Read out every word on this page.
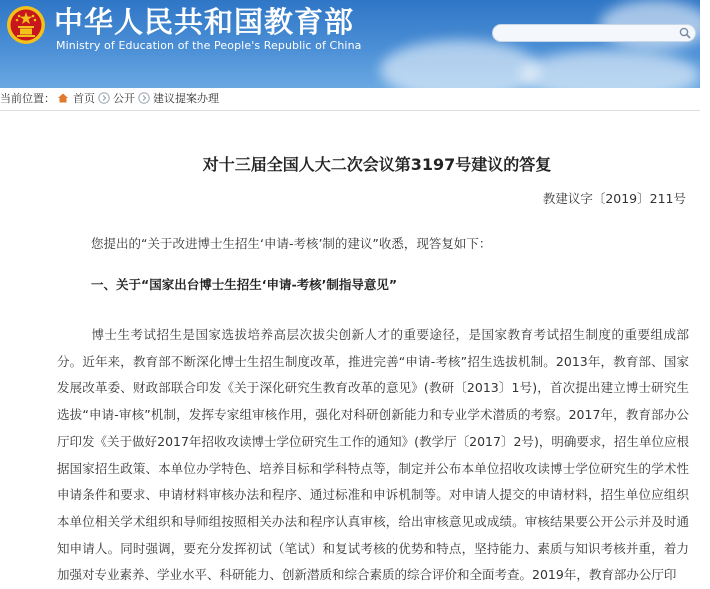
中华人民共和国教育部
Ministry of Education of the People's Republic of China
当前位置： 首页 公开 建议提案办理
对十三届全国人大二次会议第3197号建议的答复
教建议字〔2019〕211号

您提出的“关于改进博士生招生‘申请-考核’制的建议”收悉，现答复如下：

一、关于“国家出台博士生招生‘申请-考核’制指导意见”

博士生考试招生是国家选拔培养高层次拔尖创新人才的重要途径，是国家教育考试招生制度的重要组成部分。近年来，教育部不断深化博士生招生制度改革，推进完善“申请-考核”招生选拔机制。2013年，教育部、国家发展改革委、财政部联合印发《关于深化研究生教育改革的意见》(教研〔2013〕1号)，首次提出建立博士研究生选拔“申请-审核”机制，发挥专家组审核作用，强化对科研创新能力和专业学术潜质的考察。2017年，教育部办公厅印发《关于做好2017年招收攻读博士学位研究生工作的通知》(教学厅〔2017〕2号)，明确要求，招生单位应根据国家招生政策、本单位办学特色、培养目标和学科特点等，制定并公布本单位招收攻读博士学位研究生的学术性申请条件和要求、申请材料审核办法和程序、通过标准和申诉机制等。对申请人提交的申请材料，招生单位应组织本单位相关学术组织和导师组按照相关办法和程序认真审核，给出审核意见或成绩。审核结果要公开公示并及时通知申请人。同时强调，要充分发挥初试（笔试）和复试考核的优势和特点，坚持能力、素质与知识考核并重，着力加强对专业素养、学业水平、科研能力、创新潜质和综合素质的综合评价和全面考查。2019年，教育部办公厅印
